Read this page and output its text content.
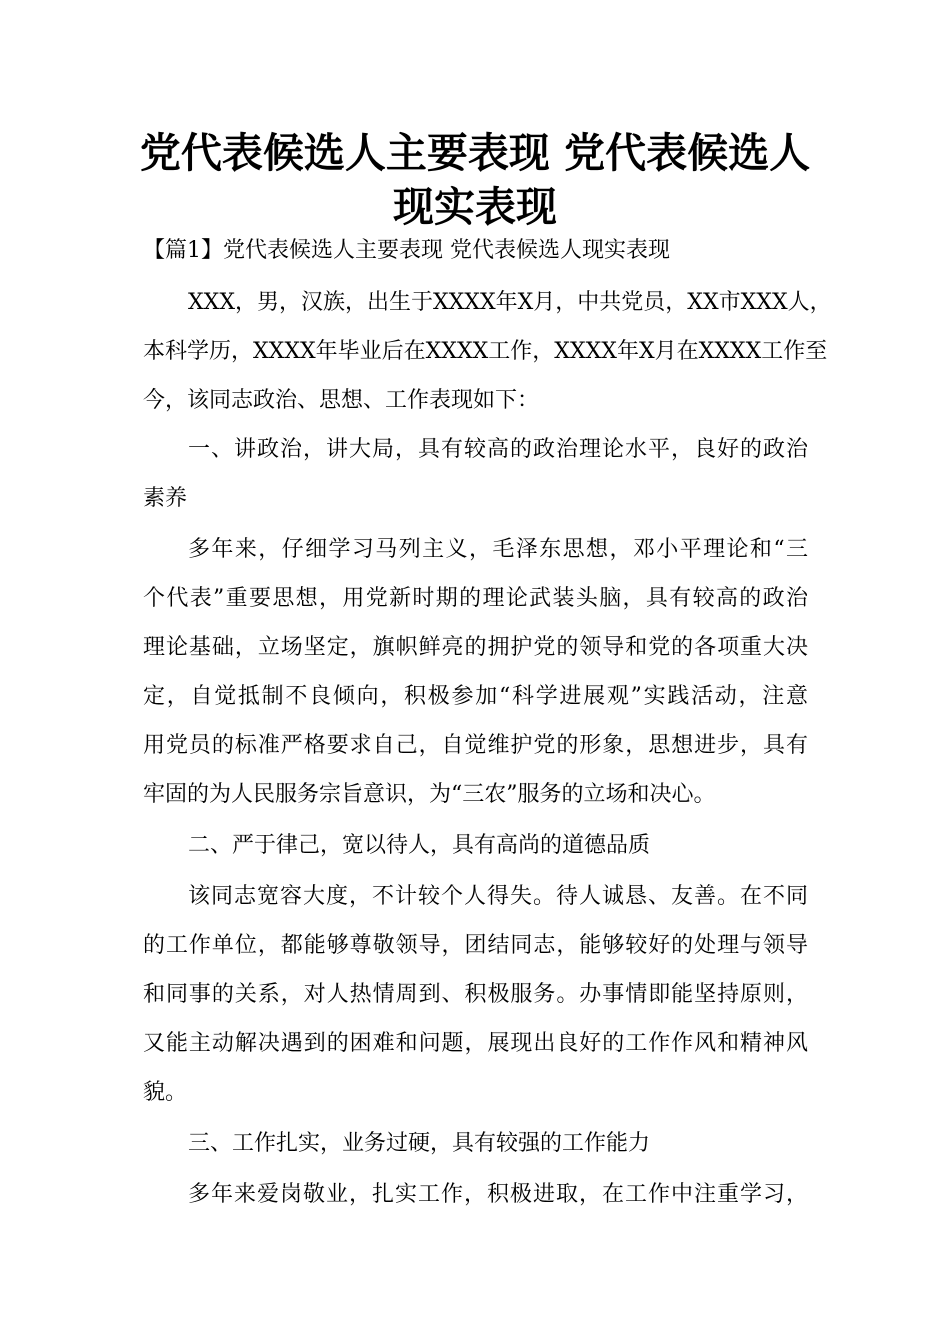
党代表候选人主要表现 党代表候选人
现实表现
【篇1】党代表候选人主要表现 党代表候选人现实表现
XXX，男，汉族，出生于XXXX年X月，中共党员，XX市XXX人，
本科学历，XXXX年毕业后在XXXX工作，XXXX年X月在XXXX工作至
今，该同志政治、思想、工作表现如下：
一、讲政治，讲大局，具有较高的政治理论水平，良好的政治
素养
多年来，仔细学习马列主义，毛泽东思想，邓小平理论和“三
个代表”重要思想，用党新时期的理论武装头脑，具有较高的政治
理论基础，立场坚定，旗帜鲜亮的拥护党的领导和党的各项重大决
定，自觉抵制不良倾向，积极参加“科学进展观”实践活动，注意
用党员的标准严格要求自己，自觉维护党的形象，思想进步，具有
牢固的为人民服务宗旨意识，为“三农”服务的立场和决心。
二、严于律己，宽以待人，具有高尚的道德品质
该同志宽容大度，不计较个人得失。待人诚恳、友善。在不同
的工作单位，都能够尊敬领导，团结同志，能够较好的处理与领导
和同事的关系，对人热情周到、积极服务。办事情即能坚持原则，
又能主动解决遇到的困难和问题，展现出良好的工作作风和精神风
貌。
三、工作扎实，业务过硬，具有较强的工作能力
多年来爱岗敬业，扎实工作，积极进取，在工作中注重学习，
